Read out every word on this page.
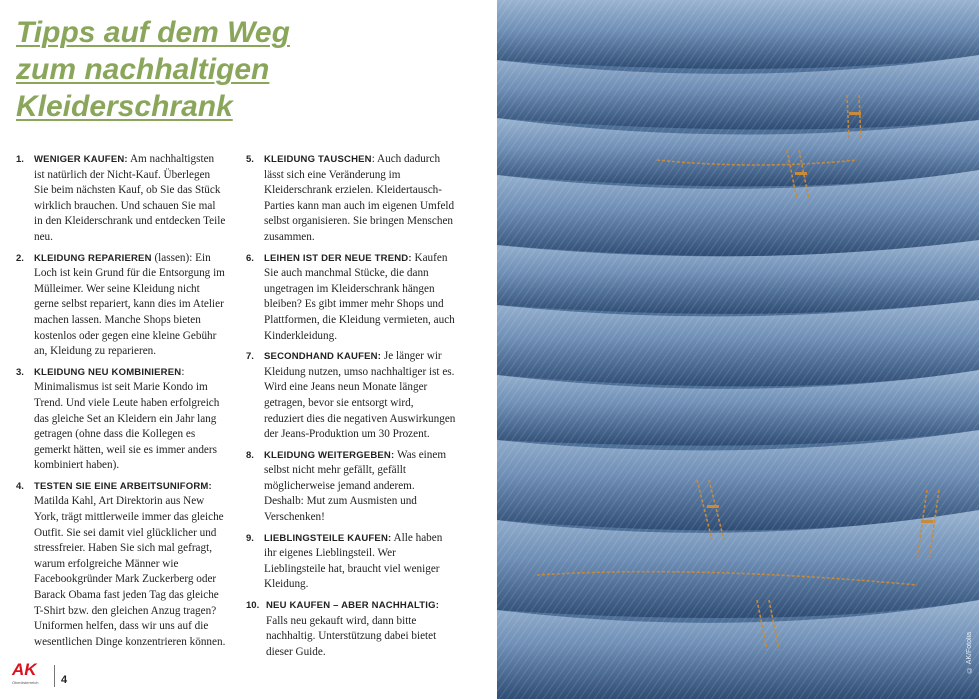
Tipps auf dem Weg
zum nachhaltigen
Kleiderschrank
1. WENIGER KAUFEN: Am nachhaltigsten ist natürlich der Nicht-Kauf. Überlegen Sie beim nächsten Kauf, ob Sie das Stück wirklich brauchen. Und schauen Sie mal in den Kleiderschrank und entdecken Teile neu.
2. KLEIDUNG REPARIEREN (lassen): Ein Loch ist kein Grund für die Entsorgung im Mülleimer. Wer seine Kleidung nicht gerne selbst repariert, kann dies im Atelier machen lassen. Manche Shops bieten kostenlos oder gegen eine kleine Gebühr an, Kleidung zu reparieren.
3. KLEIDUNG NEU KOMBINIEREN: Minimalismus ist seit Marie Kondo im Trend. Und viele Leute haben erfolgreich das gleiche Set an Kleidern ein Jahr lang getragen (ohne dass die Kollegen es gemerkt hätten, weil sie es immer anders kombiniert haben).
4. TESTEN SIE EINE ARBEITSUNIFORM: Matilda Kahl, Art Direktorin aus New York, trägt mittlerweile immer das gleiche Outfit. Sie sei damit viel glücklicher und stressfreier. Haben Sie sich mal gefragt, warum erfolgreiche Männer wie Facebookgründer Mark Zuckerberg oder Barack Obama fast jeden Tag das gleiche T-Shirt bzw. den gleichen Anzug tragen? Uniformen helfen, dass wir uns auf die wesentlichen Dinge konzentrieren können.
5. KLEIDUNG TAUSCHEN: Auch dadurch lässt sich eine Veränderung im Kleiderschrank erzielen. Kleidertausch-Parties kann man auch im eigenen Umfeld selbst organisieren. Sie bringen Menschen zusammen.
6. LEIHEN IST DER NEUE TREND: Kaufen Sie auch manchmal Stücke, die dann ungetragen im Kleiderschrank hängen bleiben? Es gibt immer mehr Shops und Plattformen, die Kleidung vermieten, auch Kinderkleidung.
7. SECONDHAND KAUFEN: Je länger wir Kleidung nutzen, umso nachhaltiger ist es. Wird eine Jeans neun Monate länger getragen, bevor sie entsorgt wird, reduziert dies die negativen Auswirkungen der Jeans-Produktion um 30 Prozent.
8. KLEIDUNG WEITERGEBEN: Was einem selbst nicht mehr gefällt, gefällt möglicherweise jemand anderem. Deshalb: Mut zum Ausmisten und Verschenken!
9. LIEBLINGSTEILE KAUFEN: Alle haben ihr eigenes Lieblingsteil. Wer Lieblingsteile hat, braucht viel weniger Kleidung.
10. NEU KAUFEN – ABER NACHHALTIG: Falls neu gekauft wird, dann bitte nachhaltig. Unterstützung dabei bietet dieser Guide.
AK
Oberösterreich 4
© AK/Fotolia
